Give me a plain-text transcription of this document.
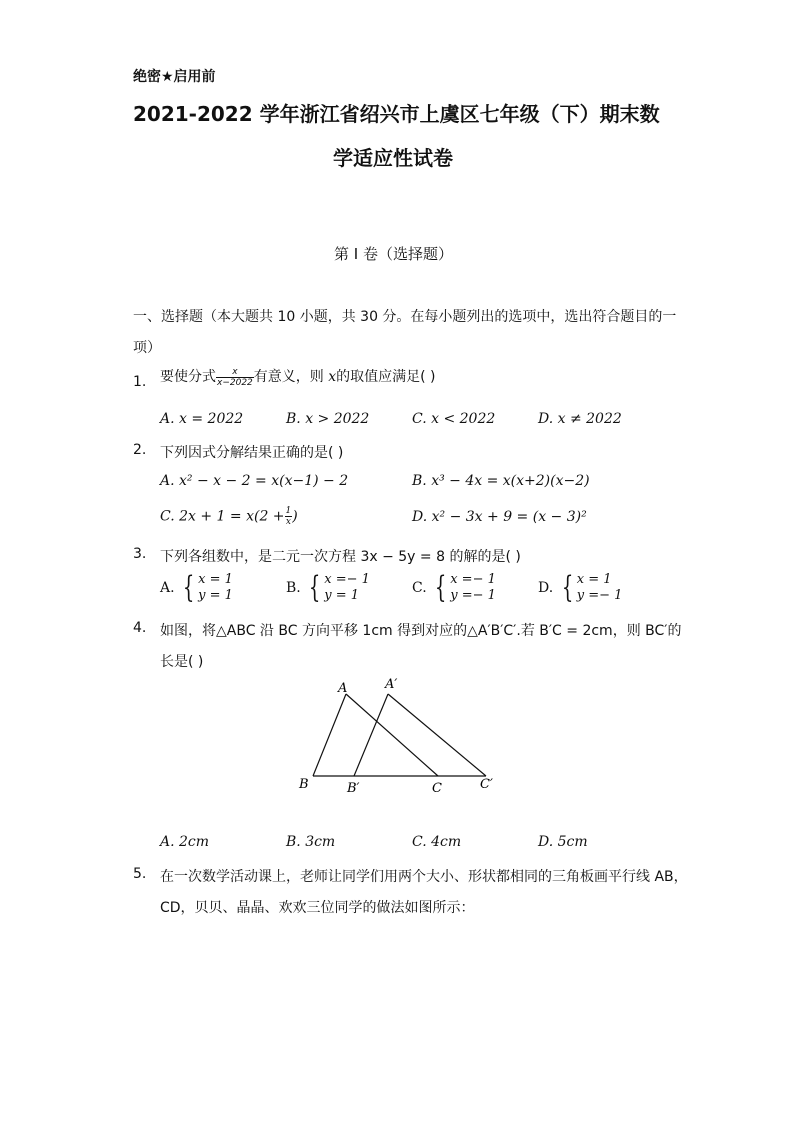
绝密★启用前
2021-2022 学年浙江省绍兴市上虞区七年级（下）期末数
学适应性试卷
第 I 卷（选择题）
一、选择题（本大题共 10 小题，共 30 分。在每小题列出的选项中，选出符合题目的一
项）
1. 要使分式 $\frac{x}{x-2022}$ 有意义，则 x的取值应满足( )
A. x = 2022	B. x > 2022	C. x < 2022	D. x ≠ 2022
2. 下列因式分解结果正确的是( )
A. x² − x − 2 = x(x−1) − 2	B. x³ − 4x = x(x+2)(x−2)
C. $2x + 1 = x(2 + \frac{1}{x}$ )	D. x² − 3x + 9 = (x − 3)²
3. 下列各组数中，是二元一次方程 3x − 5y = 8 的解的是( )
A. { x = 1
y = 1	B. { x =− 1
y = 1	C. { x =− 1
y =− 1	D. { x = 1
y =− 1
4. 如图，将△ABC 沿 BC 方向平移 1cm 得到对应的△A′B′C′.若 B′C = 2cm，则 BC′的
长是( )
A	A′
B	B′	C	C′
A. 2cm	B. 3cm	C. 4cm	D. 5cm
5. 在一次数学活动课上，老师让同学们用两个大小、形状都相同的三角板画平行线 AB，
CD，贝贝、晶晶、欢欢三位同学的做法如图所示：
